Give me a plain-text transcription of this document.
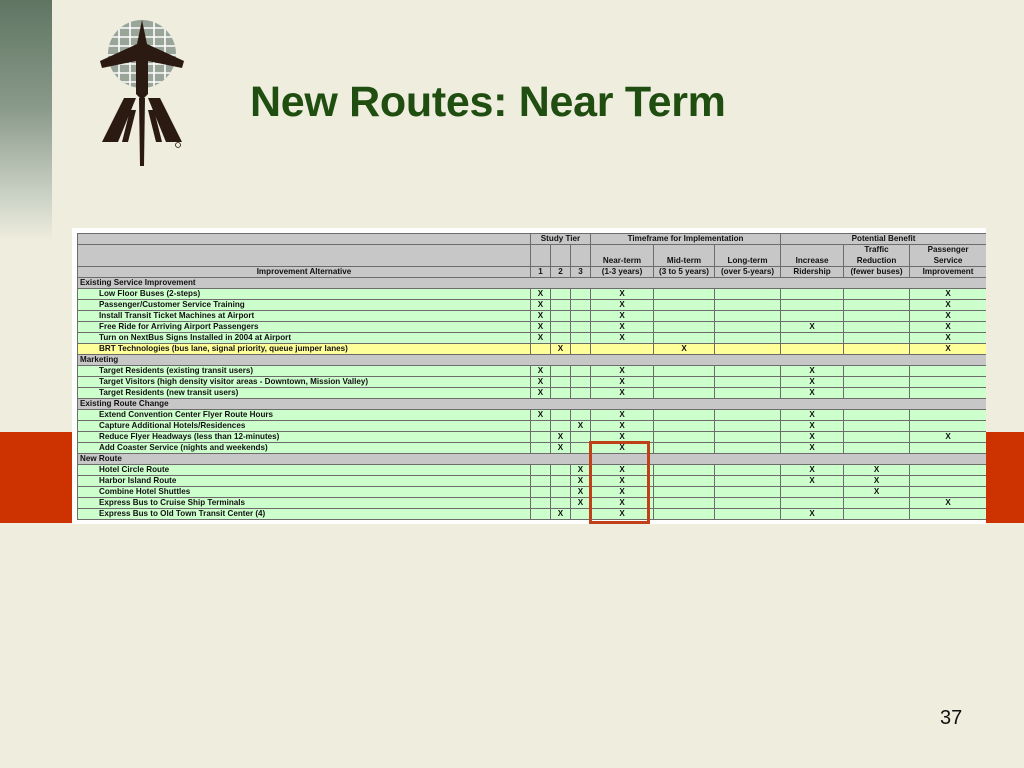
New Routes: Near Term
	Study Tier			Timeframe for Implementation			Potential Benefit		
								Traffic	Passenger
				Near-term	Mid-term	Long-term	Increase	Reduction	Service
Improvement Alternative	1	2	3	(1-3 years)	(3 to 5 years)	(over 5-years)	Ridership	(fewer buses)	Improvement
Existing Service Improvement									
Low Floor Buses (2-steps)	X			X					X
Passenger/Customer Service Training	X			X					X
Install Transit Ticket Machines at Airport	X			X					X
Free Ride for Arriving Airport Passengers	X			X			X		X
Turn on NextBus Signs Installed in 2004 at Airport	X			X					X
BRT Technologies (bus lane, signal priority, queue jumper lanes)		X			X				X
Marketing									
Target Residents (existing transit users)	X			X			X		
Target Visitors (high density visitor areas - Downtown, Mission Valley)	X			X			X		
Target Residents (new transit users)	X			X			X		
Existing Route Change									
Extend Convention Center Flyer Route Hours	X			X			X		
Capture Additional Hotels/Residences			X	X			X		
Reduce Flyer Headways (less than 12-minutes)		X		X			X		X
Add Coaster Service (nights and weekends)		X		X			X		
New Route									
Hotel Circle Route			X	X			X	X	
Harbor Island Route			X	X			X	X	
Combine Hotel Shuttles			X	X				X	
Express Bus to Cruise Ship Terminals			X	X					X
Express Bus to Old Town Transit Center (4)		X		X			X		
37
